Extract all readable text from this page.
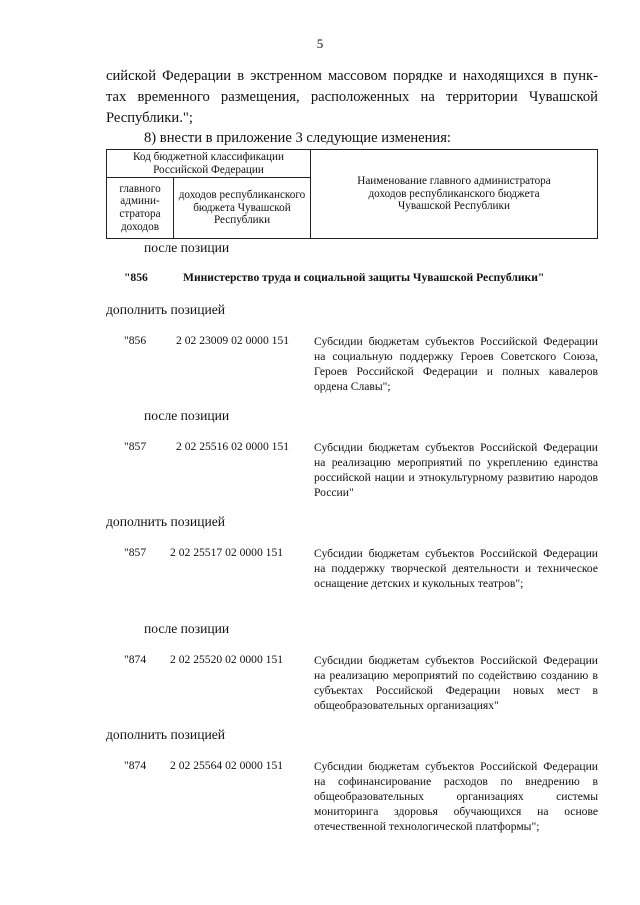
5
сийской Федерации в экстренном массовом порядке и находящихся в пунк-
тах временного размещения, расположенных на территории Чувашской
Республики.";
8) внести в приложение 3 следующие изменения:
Код бюджетной классификации Российской Федерации		Наименование главного администратора доходов республиканского бюджета Чувашской Республики
главного админи-стратора доходов	доходов республиканского бюджета Чувашской Республики	
после позиции
"856	Министерство труда и социальной защиты Чувашской Республики"
дополнить позицией
"856	2 02 23009 02 0000 151 Субсидии бюджетам субъектов Российской Федерации на социальную поддержку Героев Советского Союза, Героев Российской Федерации и полных кавалеров ордена Славы";
после позиции
"857	2 02 25516 02 0000 151 Субсидии бюджетам субъектов Российской Федерации на реализацию мероприятий по укреплению единства российской нации и этнокультурному развитию народов России"
дополнить позицией
"857 2 02 25517 02 0000 151	Субсидии бюджетам субъектов Российской Федерации на поддержку творческой деятельности и техническое оснащение детских и кукольных театров";
после позиции
"874 2 02 25520 02 0000 151	Субсидии бюджетам субъектов Российской Федерации на реализацию мероприятий по содействию созданию в субъектах Российской Федерации новых мест в общеобразовательных организациях"
дополнить позицией
"874 2 02 25564 02 0000 151	Субсидии бюджетам субъектов Российской Федерации на софинансирование расходов по внедрению в общеобразовательных организациях системы мониторинга здоровья обучающихся на основе отечественной технологической платформы";
